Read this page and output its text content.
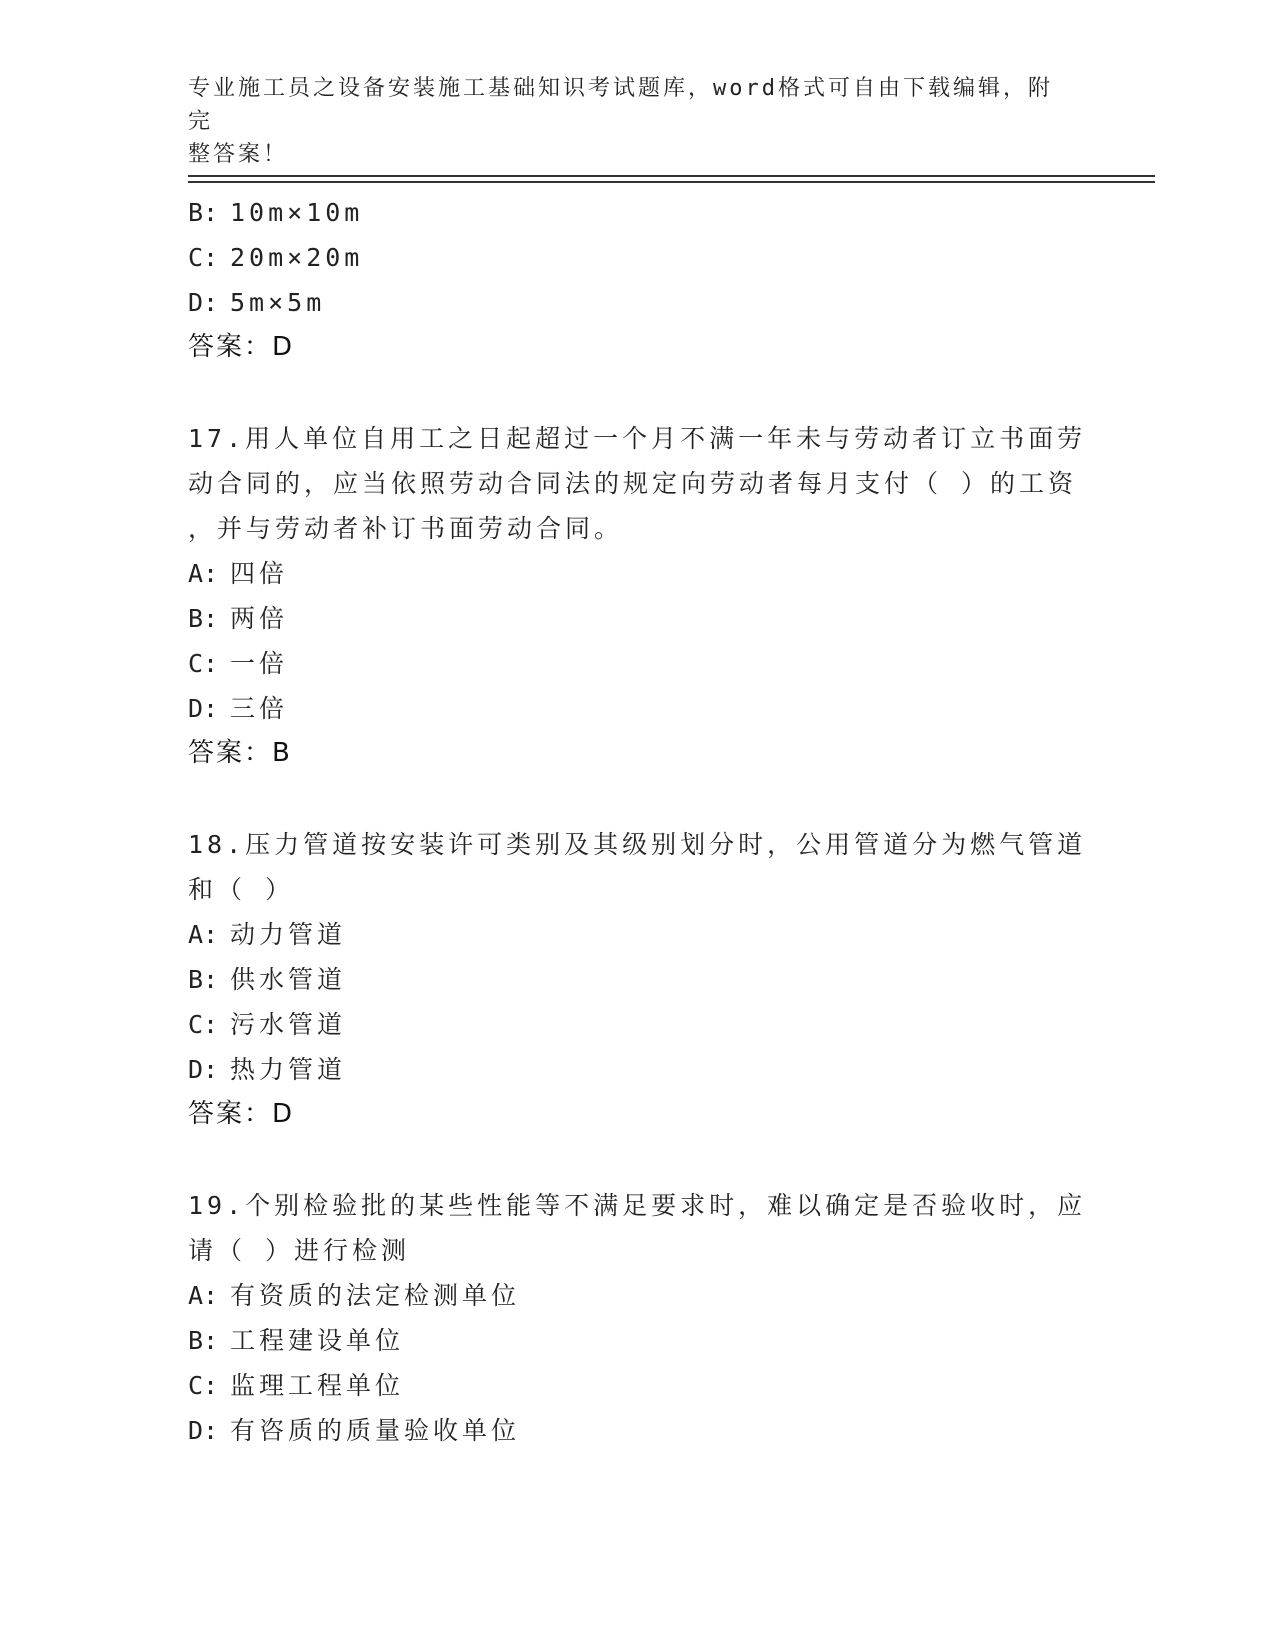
专业施工员之设备安装施工基础知识考试题库，word格式可自由下载编辑，附完
整答案！
B: 10m×10m
C: 20m×20m
D: 5m×5m
答案：D
17.用人单位自用工之日起超过一个月不满一年未与劳动者订立书面劳
动合同的，应当依照劳动合同法的规定向劳动者每月支付（ ）的工资
，并与劳动者补订书面劳动合同。
A: 四倍
B: 两倍
C: 一倍
D: 三倍
答案：B
18.压力管道按安装许可类别及其级别划分时，公用管道分为燃气管道
和（ ）
A: 动力管道
B: 供水管道
C: 污水管道
D: 热力管道
答案：D
19.个别检验批的某些性能等不满足要求时，难以确定是否验收时，应
请（ ）进行检测
A: 有资质的法定检测单位
B: 工程建设单位
C: 监理工程单位
D: 有咨质的质量验收单位
